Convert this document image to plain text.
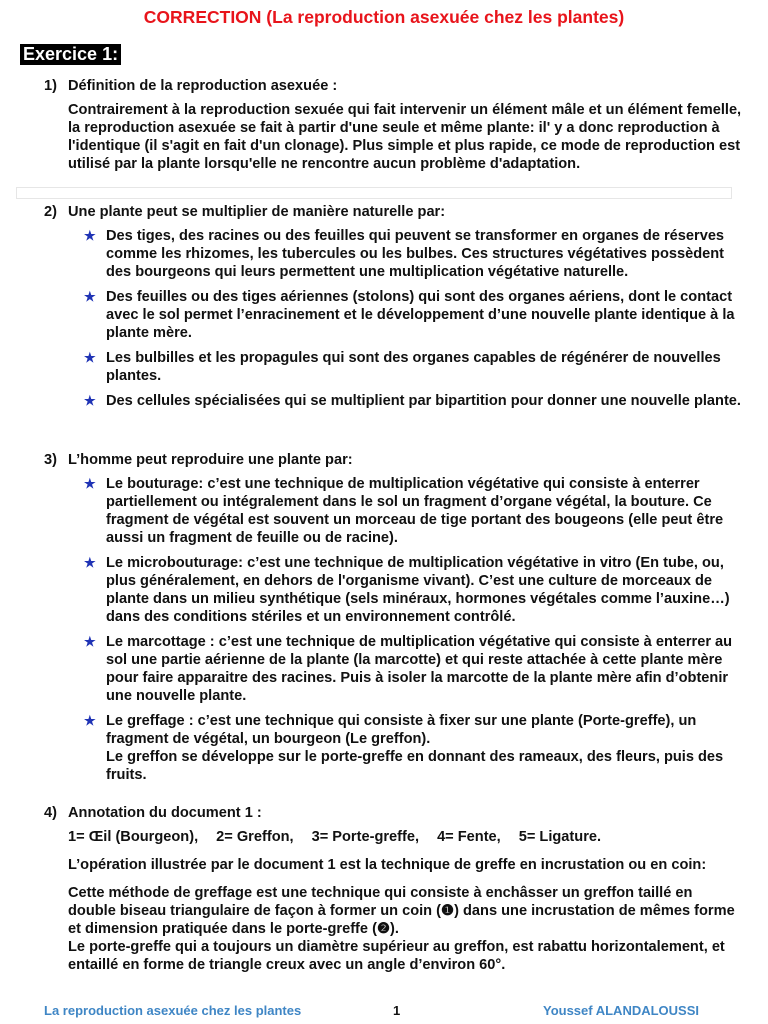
CORRECTION (La reproduction asexuée chez les plantes)
Exercice 1:
1) Définition de la reproduction asexuée :
Contrairement à la reproduction sexuée qui fait intervenir un élément mâle et un élément femelle, la reproduction asexuée se fait à partir d'une seule et même plante: il' y a donc reproduction à l'identique (il s'agit en fait d'un clonage). Plus simple et plus rapide, ce mode de reproduction est utilisé par la plante lorsqu'elle ne rencontre aucun problème d'adaptation.
2) Une plante peut se multiplier de manière naturelle par:
★ Des tiges, des racines ou des feuilles qui peuvent se transformer en organes de réserves comme les rhizomes, les tubercules ou les bulbes. Ces structures végétatives possèdent des bourgeons qui leurs permettent une multiplication végétative naturelle.
★ Des feuilles ou des tiges aériennes (stolons) qui sont des organes aériens, dont le contact avec le sol permet l’enracinement et le développement d’une nouvelle plante identique à la plante mère.
★ Les bulbilles et les propagules qui sont des organes capables de régénérer de nouvelles plantes.
★ Des cellules spécialisées qui se multiplient par bipartition pour donner une nouvelle plante.
3) L’homme peut reproduire une plante par:
★ Le bouturage: c’est une technique de multiplication végétative qui consiste à enterrer partiellement ou intégralement dans le sol un fragment d’organe végétal, la bouture. Ce fragment de végétal est souvent un morceau de tige portant des bougeons (elle peut être aussi un fragment de feuille ou de racine).
★ Le microbouturage: c’est une technique de multiplication végétative in vitro (En tube, ou, plus généralement, en dehors de l'organisme vivant). C’est une culture de morceaux de plante dans un milieu synthétique (sels minéraux, hormones végétales comme l’auxine…) dans des conditions stériles et un environnement contrôlé.
★ Le marcottage : c’est une technique de multiplication végétative qui consiste à enterrer au sol une partie aérienne de la plante (la marcotte) et qui reste attachée à cette plante mère pour faire apparaitre des racines. Puis à isoler la marcotte de la plante mère afin d’obtenir une nouvelle plante.
★ Le greffage : c’est une technique qui consiste à fixer sur une plante (Porte-greffe), un fragment de végétal, un bourgeon (Le greffon).
Le greffon se développe sur le porte-greffe en donnant des rameaux, des fleurs, puis des fruits.
4) Annotation du document 1 :
1= Œil (Bourgeon), 2= Greffon, 3= Porte-greffe, 4= Fente, 5= Ligature.
L’opération illustrée par le document 1 est la technique de greffe en incrustation ou en coin:
Cette méthode de greffage est une technique qui consiste à enchâsser un greffon taillé en double biseau triangulaire de façon à former un coin (❶) dans une incrustation de mêmes forme et dimension pratiquée dans le porte-greffe (❷).
Le porte-greffe qui a toujours un diamètre supérieur au greffon, est rabattu horizontalement, et entaillé en forme de triangle creux avec un angle d’environ 60°.
La reproduction asexuée chez les plantes	1	Youssef ALANDALOUSSI
